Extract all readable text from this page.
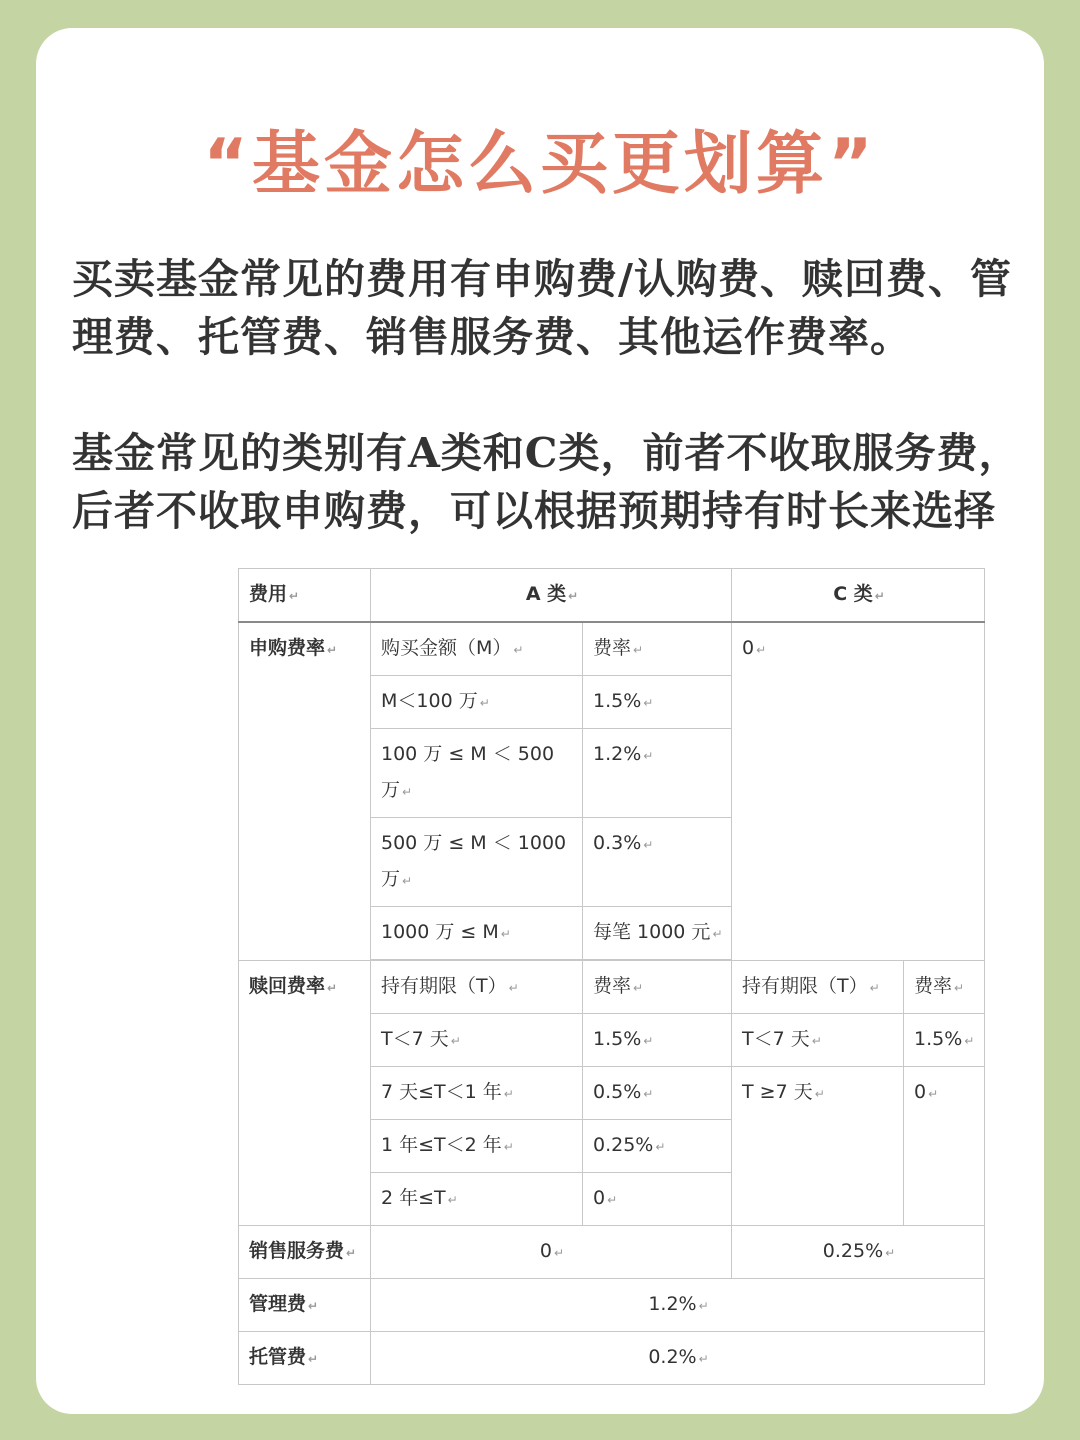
“基金怎么买更划算”
买卖基金常见的费用有申购费/认购费、赎回费、管理费、托管费、销售服务费、其他运作费率。
基金常见的类别有A类和C类，前者不收取服务费，后者不收取申购费，可以根据预期持有时长来选择
费用 ↵	A 类 ↵		C 类 ↵	
申购费率 ↵	购买金额（M） ↵	费率 ↵	0 ↵	
	M＜100 万 ↵	1.5% ↵		
	100 万 ≤ M ＜ 500 万 ↵	1.2% ↵		
	500 万 ≤ M ＜ 1000 万 ↵	0.3% ↵		
	1000 万 ≤ M ↵	每笔 1000 元 ↵		

赎回费率 ↵	持有期限（T） ↵	费率 ↵	持有期限（T） ↵	费率 ↵
	T＜7 天 ↵	1.5% ↵	T＜7 天 ↵	1.5% ↵
	7 天≤T＜1 年 ↵	0.5% ↵	T ≥7 天 ↵	0 ↵
	1 年≤T＜2 年 ↵	0.25% ↵		
	2 年≤T ↵	0 ↵		
销售服务费 ↵	0 ↵		0.25% ↵	
管理费 ↵	1.2% ↵			
托管费 ↵	0.2% ↵			
